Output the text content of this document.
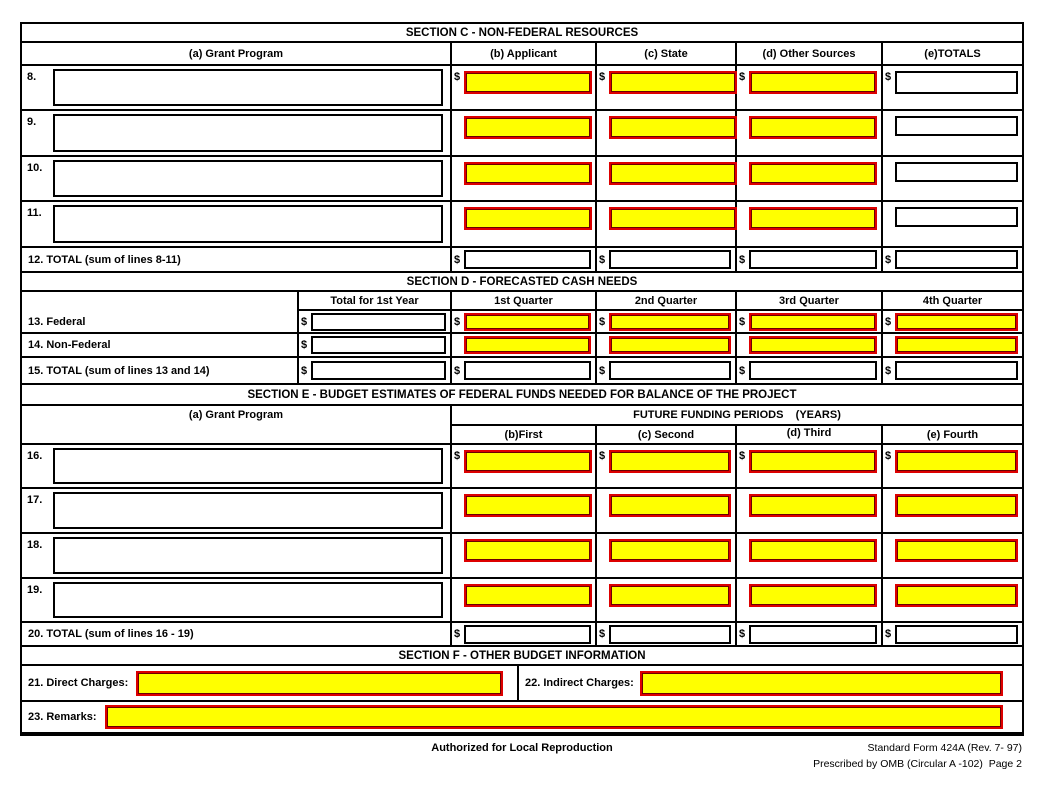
SECTION C - NON-FEDERAL RESOURCES
(a) Grant Program	(b) Applicant	(c) State	(d) Other Sources	(e)TOTALS
8.	$	$	$	$
9.
10.
11.
12. TOTAL (sum of lines 8-11)	$	$	$	$
SECTION D - FORECASTED CASH NEEDS
Total for 1st Year	1st Quarter	2nd Quarter	3rd Quarter	4th Quarter
13. Federal	$	$	$	$	$
14. Non-Federal	$
15. TOTAL (sum of lines 13 and 14)	$	$	$	$	$
SECTION E - BUDGET ESTIMATES OF FEDERAL FUNDS NEEDED FOR BALANCE OF THE PROJECT
(a) Grant Program	FUTURE FUNDING PERIODS    (YEARS)
(b)First	(c) Second	(d) Third	(e) Fourth
16.	$	$	$	$
17.
18.
19.
20. TOTAL (sum of lines 16 - 19)	$	$	$	$
SECTION F - OTHER BUDGET INFORMATION
21. Direct Charges:	22. Indirect Charges:
23. Remarks:
Authorized for Local Reproduction	Standard Form 424A (Rev. 7- 97)
Prescribed by OMB (Circular A -102)  Page 2
